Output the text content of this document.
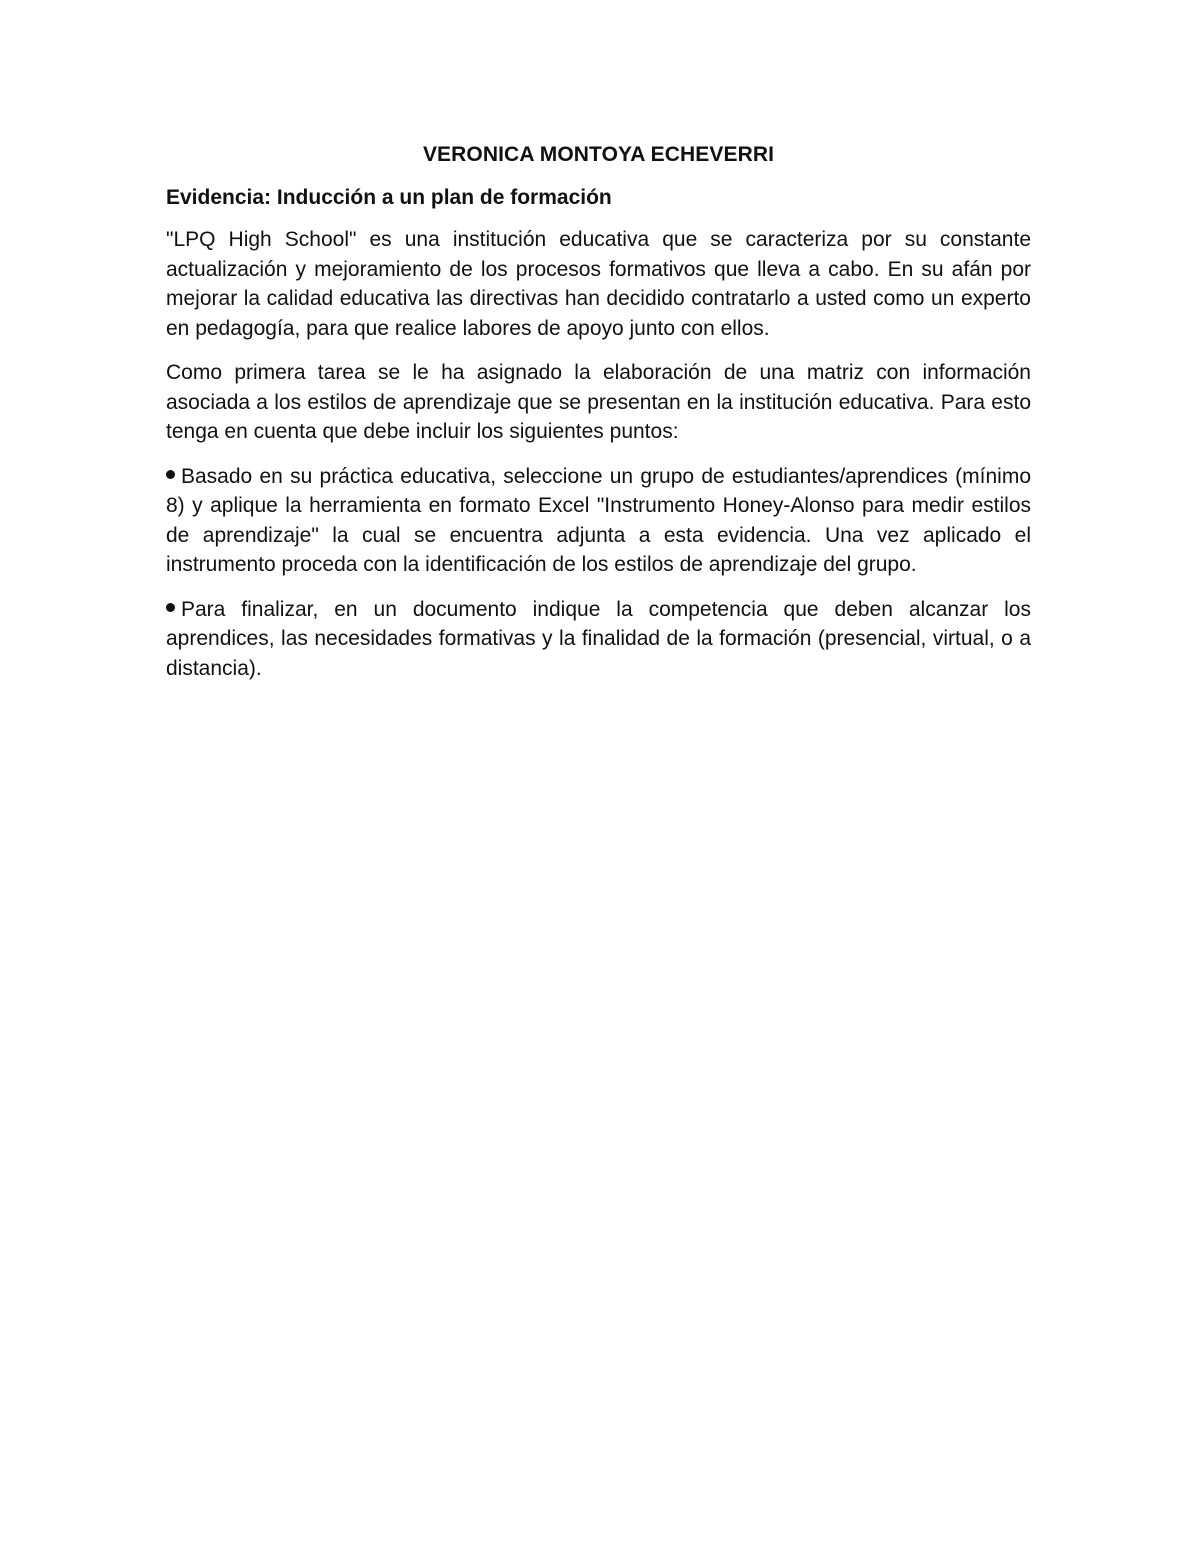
VERONICA MONTOYA ECHEVERRI

Evidencia: Inducción a un plan de formación

"LPQ High School" es una institución educativa que se caracteriza por su constante actualización y mejoramiento de los procesos formativos que lleva a cabo. En su afán por mejorar la calidad educativa las directivas han decidido contratarlo a usted como un experto en pedagogía, para que realice labores de apoyo junto con ellos.

Como primera tarea se le ha asignado la elaboración de una matriz con información asociada a los estilos de aprendizaje que se presentan en la institución educativa. Para esto tenga en cuenta que debe incluir los siguientes puntos:

Basado en su práctica educativa, seleccione un grupo de estudiantes/aprendices (mínimo 8) y aplique la herramienta en formato Excel "Instrumento Honey-Alonso para medir estilos de aprendizaje" la cual se encuentra adjunta a esta evidencia. Una vez aplicado el instrumento proceda con la identificación de los estilos de aprendizaje del grupo.

Para finalizar, en un documento indique la competencia que deben alcanzar los aprendices, las necesidades formativas y la finalidad de la formación (presencial, virtual, o a distancia).
